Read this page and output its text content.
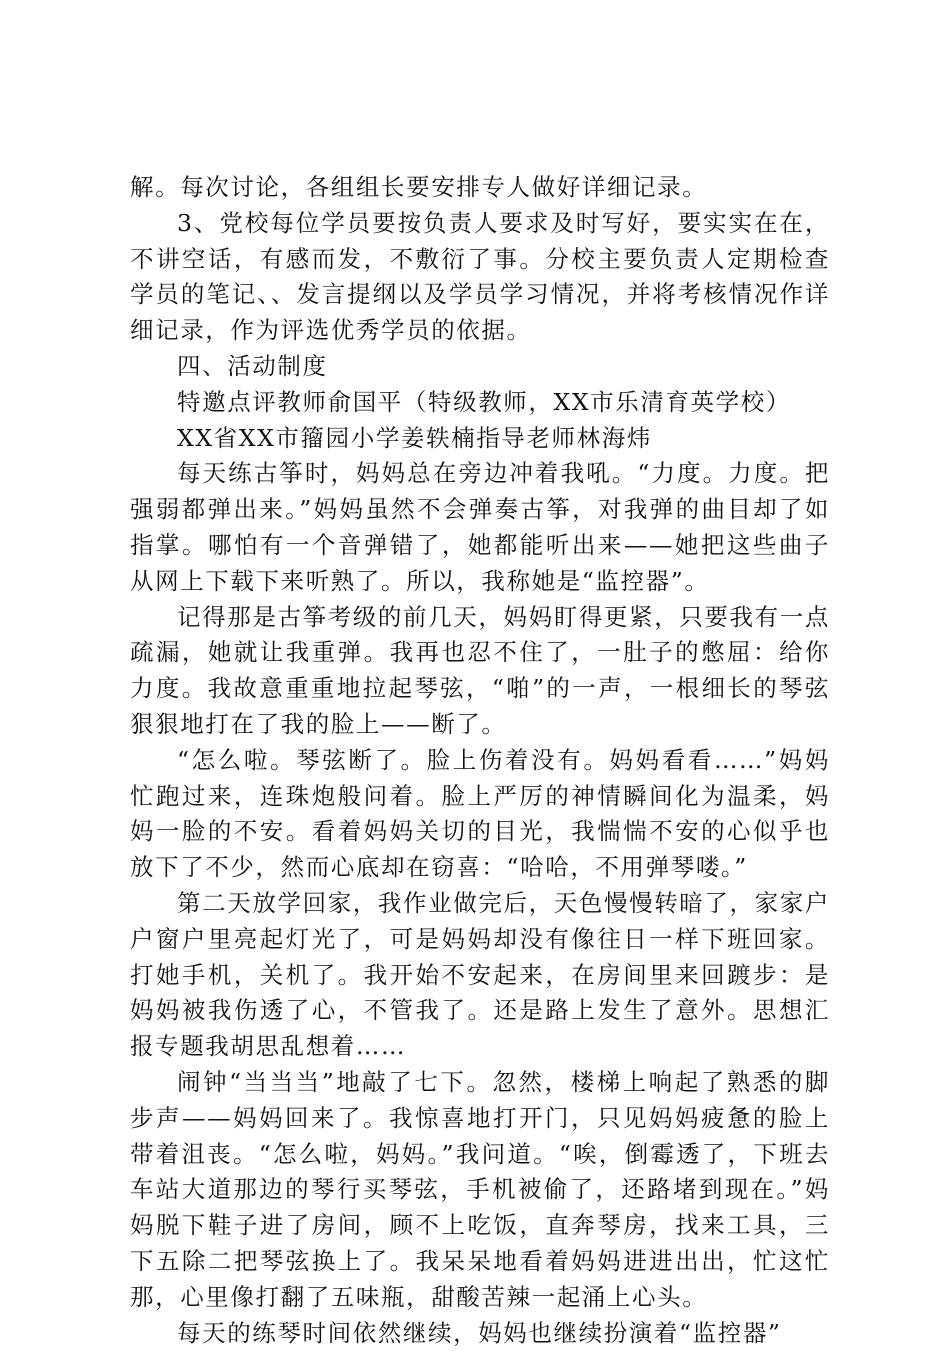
解。每次讨论，各组组长要安排专人做好详细记录。

3、党校每位学员要按负责人要求及时写好，要实实在在，不讲空话，有感而发，不敷衍了事。分校主要负责人定期检查学员的笔记、、发言提纲以及学员学习情况，并将考核情况作详细记录，作为评选优秀学员的依据。

四、活动制度

特邀点评教师俞国平（特级教师，XX市乐清育英学校）

XX省XX市籀园小学姜轶楠指导老师林海炜

每天练古筝时，妈妈总在旁边冲着我吼。“力度。力度。把强弱都弹出来。”妈妈虽然不会弹奏古筝，对我弹的曲目却了如指掌。哪怕有一个音弹错了，她都能听出来——她把这些曲子从网上下载下来听熟了。所以，我称她是“监控器”。

记得那是古筝考级的前几天，妈妈盯得更紧，只要我有一点疏漏，她就让我重弹。我再也忍不住了，一肚子的憋屈：给你力度。我故意重重地拉起琴弦，“啪”的一声，一根细长的琴弦狠狠地打在了我的脸上——断了。

“怎么啦。琴弦断了。脸上伤着没有。妈妈看看……”妈妈忙跑过来，连珠炮般问着。脸上严厉的神情瞬间化为温柔，妈妈一脸的不安。看着妈妈关切的目光，我惴惴不安的心似乎也放下了不少，然而心底却在窃喜：“哈哈，不用弹琴喽。”

第二天放学回家，我作业做完后，天色慢慢转暗了，家家户户窗户里亮起灯光了，可是妈妈却没有像往日一样下班回家。打她手机，关机了。我开始不安起来，在房间里来回踱步：是妈妈被我伤透了心，不管我了。还是路上发生了意外。思想汇报专题我胡思乱想着……

闹钟“当当当”地敲了七下。忽然，楼梯上响起了熟悉的脚步声——妈妈回来了。我惊喜地打开门，只见妈妈疲惫的脸上带着沮丧。“怎么啦，妈妈。”我问道。“唉，倒霉透了，下班去车站大道那边的琴行买琴弦，手机被偷了，还路堵到现在。”妈妈脱下鞋子进了房间，顾不上吃饭，直奔琴房，找来工具，三下五除二把琴弦换上了。我呆呆地看着妈妈进进出出，忙这忙那，心里像打翻了五味瓶，甜酸苦辣一起涌上心头。

每天的练琴时间依然继续，妈妈也继续扮演着“监控器”
